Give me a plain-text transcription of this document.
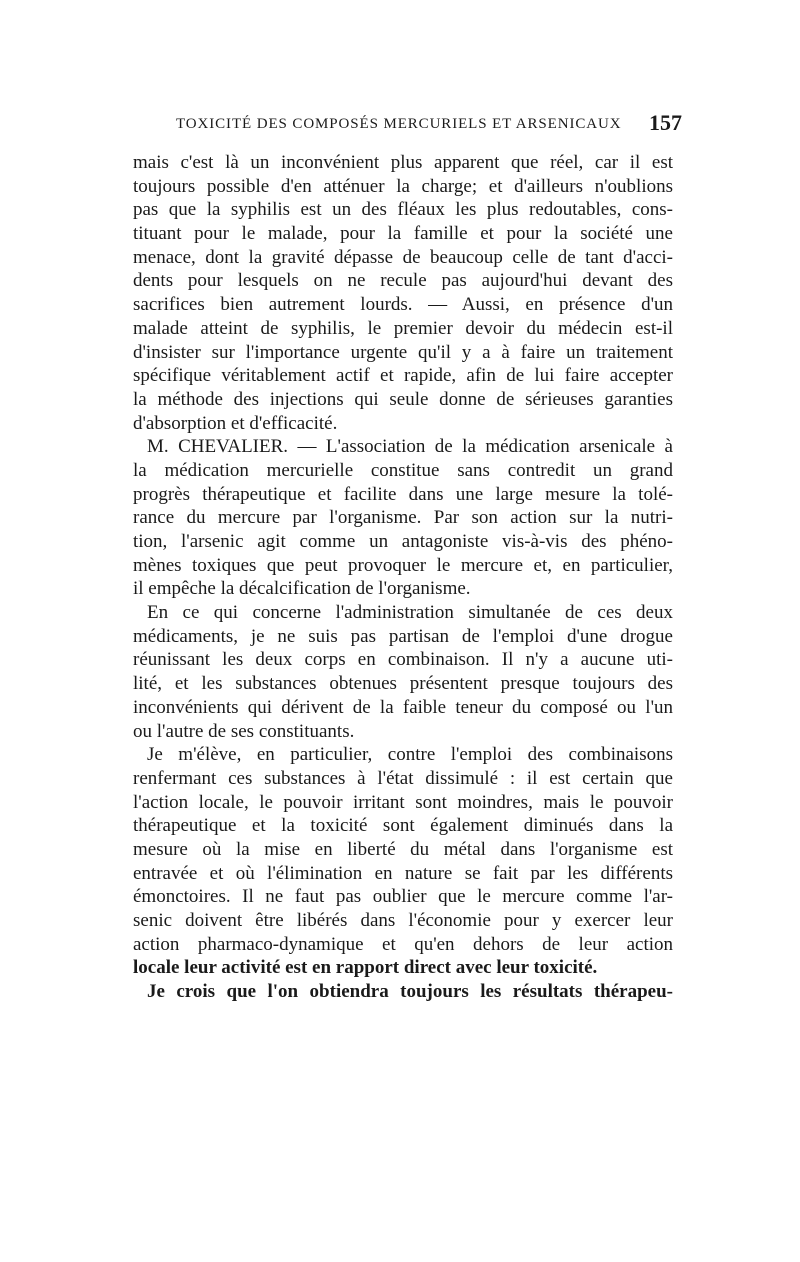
TOXICITÉ DES COMPOSÉS MERCURIELS ET ARSENICAUX 157
mais c'est là un inconvénient plus apparent que réel, car il est
toujours possible d'en atténuer la charge; et d'ailleurs n'oublions
pas que la syphilis est un des fléaux les plus redoutables, cons-
tituant pour le malade, pour la famille et pour la société une
menace, dont la gravité dépasse de beaucoup celle de tant d'acci-
dents pour lesquels on ne recule pas aujourd'hui devant des
sacrifices bien autrement lourds. — Aussi, en présence d'un
malade atteint de syphilis, le premier devoir du médecin est-il
d'insister sur l'importance urgente qu'il y a à faire un traitement
spécifique véritablement actif et rapide, afin de lui faire accepter
la méthode des injections qui seule donne de sérieuses garanties
d'absorption et d'efficacité.
M. CHEVALIER. — L'association de la médication arsenicale à
la médication mercurielle constitue sans contredit un grand
progrès thérapeutique et facilite dans une large mesure la tolé-
rance du mercure par l'organisme. Par son action sur la nutri-
tion, l'arsenic agit comme un antagoniste vis-à-vis des phéno-
mènes toxiques que peut provoquer le mercure et, en particulier,
il empêche la décalcification de l'organisme.
En ce qui concerne l'administration simultanée de ces deux
médicaments, je ne suis pas partisan de l'emploi d'une drogue
réunissant les deux corps en combinaison. Il n'y a aucune uti-
lité, et les substances obtenues présentent presque toujours des
inconvénients qui dérivent de la faible teneur du composé ou l'un
ou l'autre de ses constituants.
Je m'élève, en particulier, contre l'emploi des combinaisons
renfermant ces substances à l'état dissimulé : il est certain que
l'action locale, le pouvoir irritant sont moindres, mais le pouvoir
thérapeutique et la toxicité sont également diminués dans la
mesure où la mise en liberté du métal dans l'organisme est
entravée et où l'élimination en nature se fait par les différents
émonctoires. Il ne faut pas oublier que le mercure comme l'ar-
senic doivent être libérés dans l'économie pour y exercer leur
action pharmaco-dynamique et qu'en dehors de leur action
locale leur activité est en rapport direct avec leur toxicité.
Je crois que l'on obtiendra toujours les résultats thérapeu-
